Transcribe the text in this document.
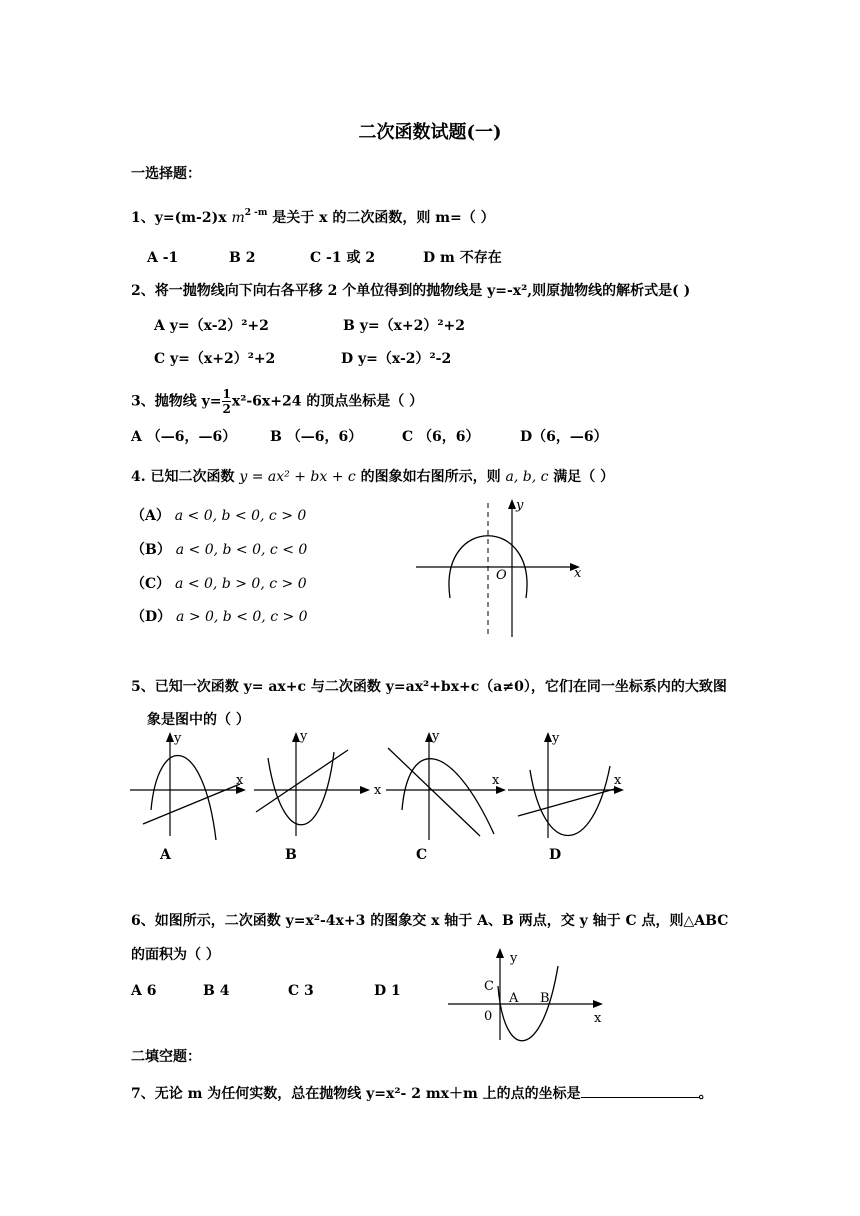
二次函数试题(一)
一选择题：
1、y=(m-2)x $m^{2 -m}$ 是关于 x 的二次函数，则 m=（ ）
A -1	B 2	C -1 或 2	D m 不存在
2、将一抛物线向下向右各平移 2 个单位得到的抛物线是 y=-x²,则原抛物线的解析式是( )
A y=（x-2）²+2	B y=（x+2）²+2
C y=（x+2）²+2	D y=（x-2）²-2
3、抛物线 $y= \frac{1}{2} x^2-6x+24$ 的顶点坐标是（ ）
A （—6，—6） B （—6，6）	C （6，6）	D（6，—6）
4. 已知二次函数 y = ax² + bx + c 的图象如右图所示，则 a, b, c 满足（ ）
（A） a < 0, b < 0, c > 0
（B） a < 0, b < 0, c < 0
（C） a < 0, b > 0, c > 0
（D） a > 0, b < 0, c > 0
x
y
O
5、已知一次函数 y= ax+c 与二次函数 y=ax²+bx+c（a≠0），它们在同一坐标系内的大致图
象是图中的（ ）
x
y
x
y
x
y
x
y
A	B	C	D
6、如图所示，二次函数 y=x²-4x+3 的图象交 x 轴于 A、B 两点，交 y 轴于 C 点，则△ABC
的面积为（ ）
A 6	B 4	C 3	D 1
y
x
C
A B
0
二填空题：
7、无论 m 为任何实数，总在抛物线 y=x²- 2 mx＋m 上的点的坐标是	。
